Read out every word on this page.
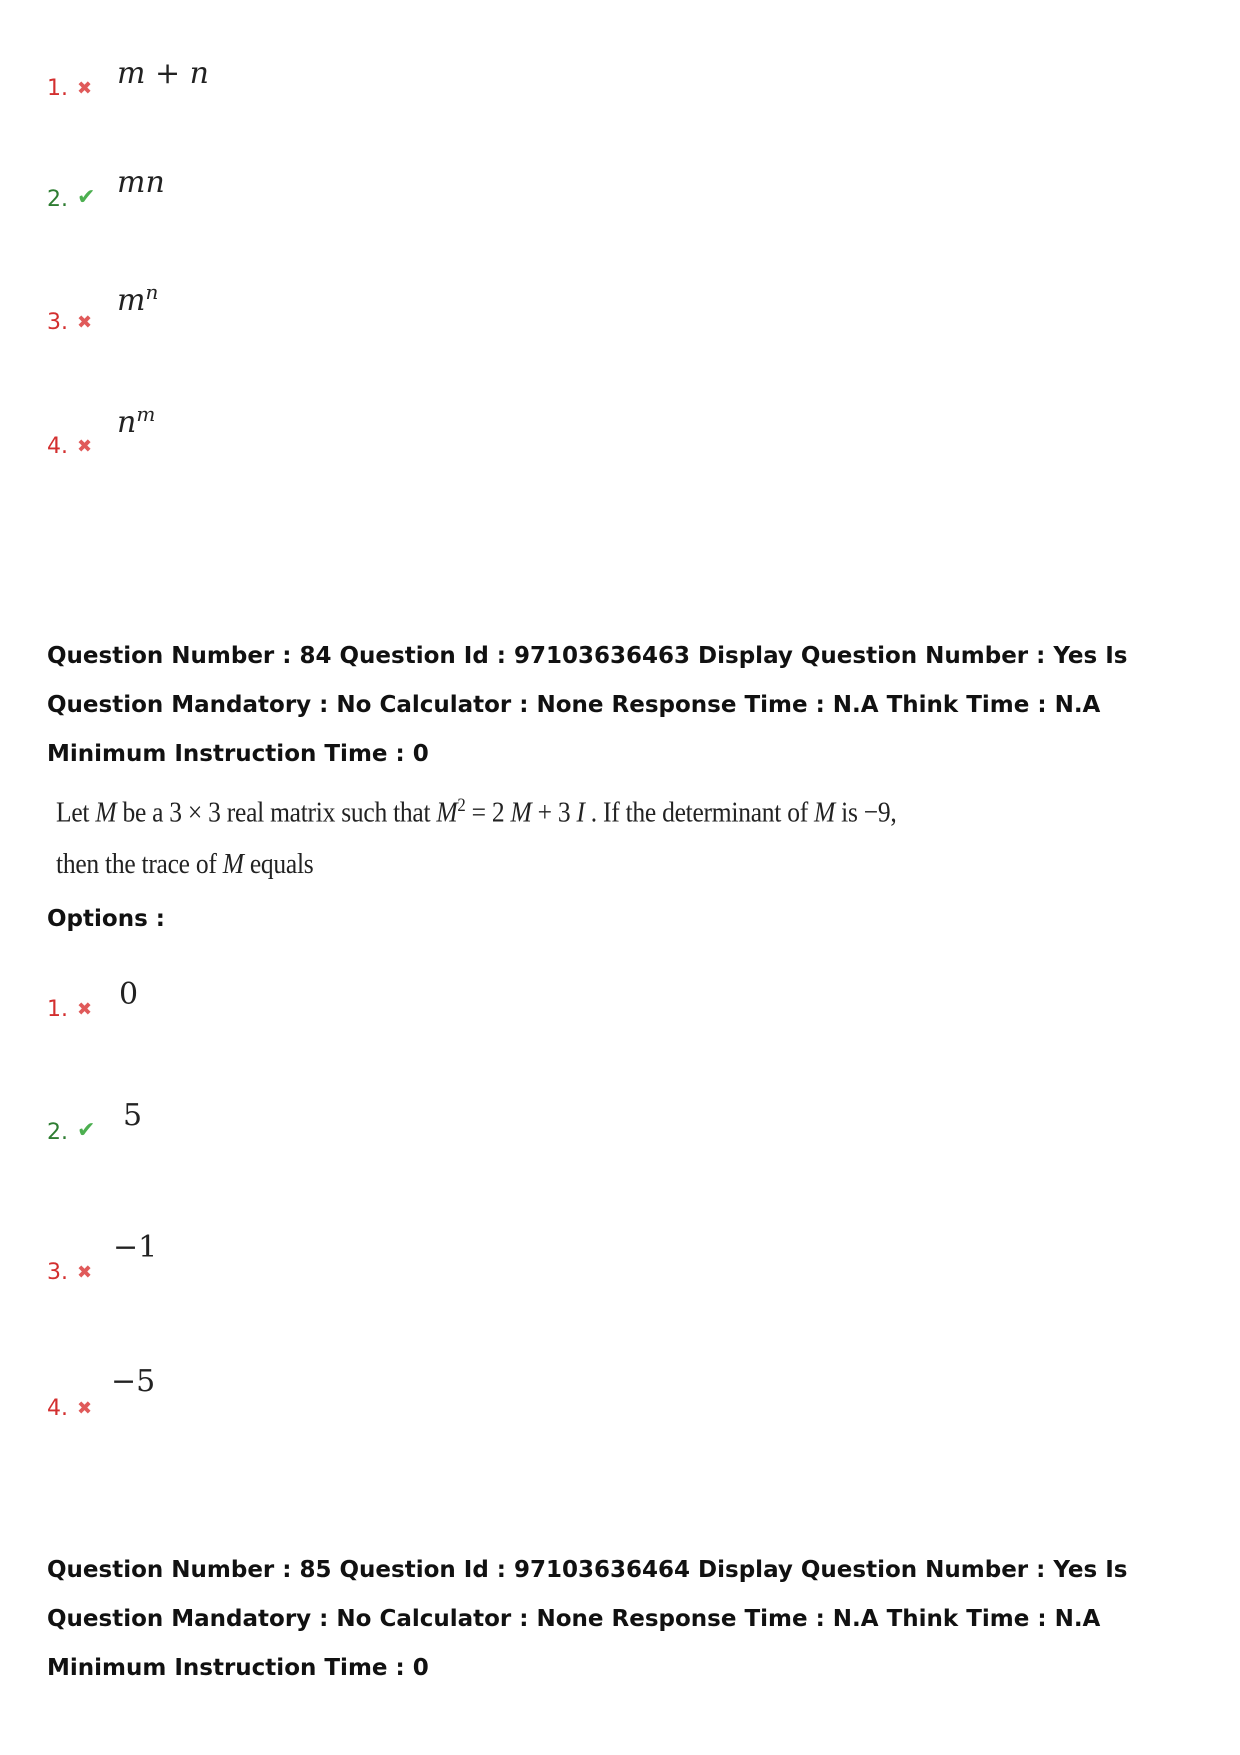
1. ✖ m + n
2. ✔ mn
3. ✖
$m^n$
4. ✖
$n^m$
Question Number : 84 Question Id : 97103636463 Display Question Number : Yes Is Question Mandatory : No Calculator : None Response Time : N.A Think Time : N.A Minimum Instruction Time : 0
Let M be a 3 × 3 real matrix such that $M^2 = 2$ M + 3 I . If the determinant of M is −9,
then the trace of M equals
Options :
1. ✖ 0
2. ✔ 5
3. ✖
−1
4. ✖
−5
Question Number : 85 Question Id : 97103636464 Display Question Number : Yes Is Question Mandatory : No Calculator : None Response Time : N.A Think Time : N.A Minimum Instruction Time : 0
